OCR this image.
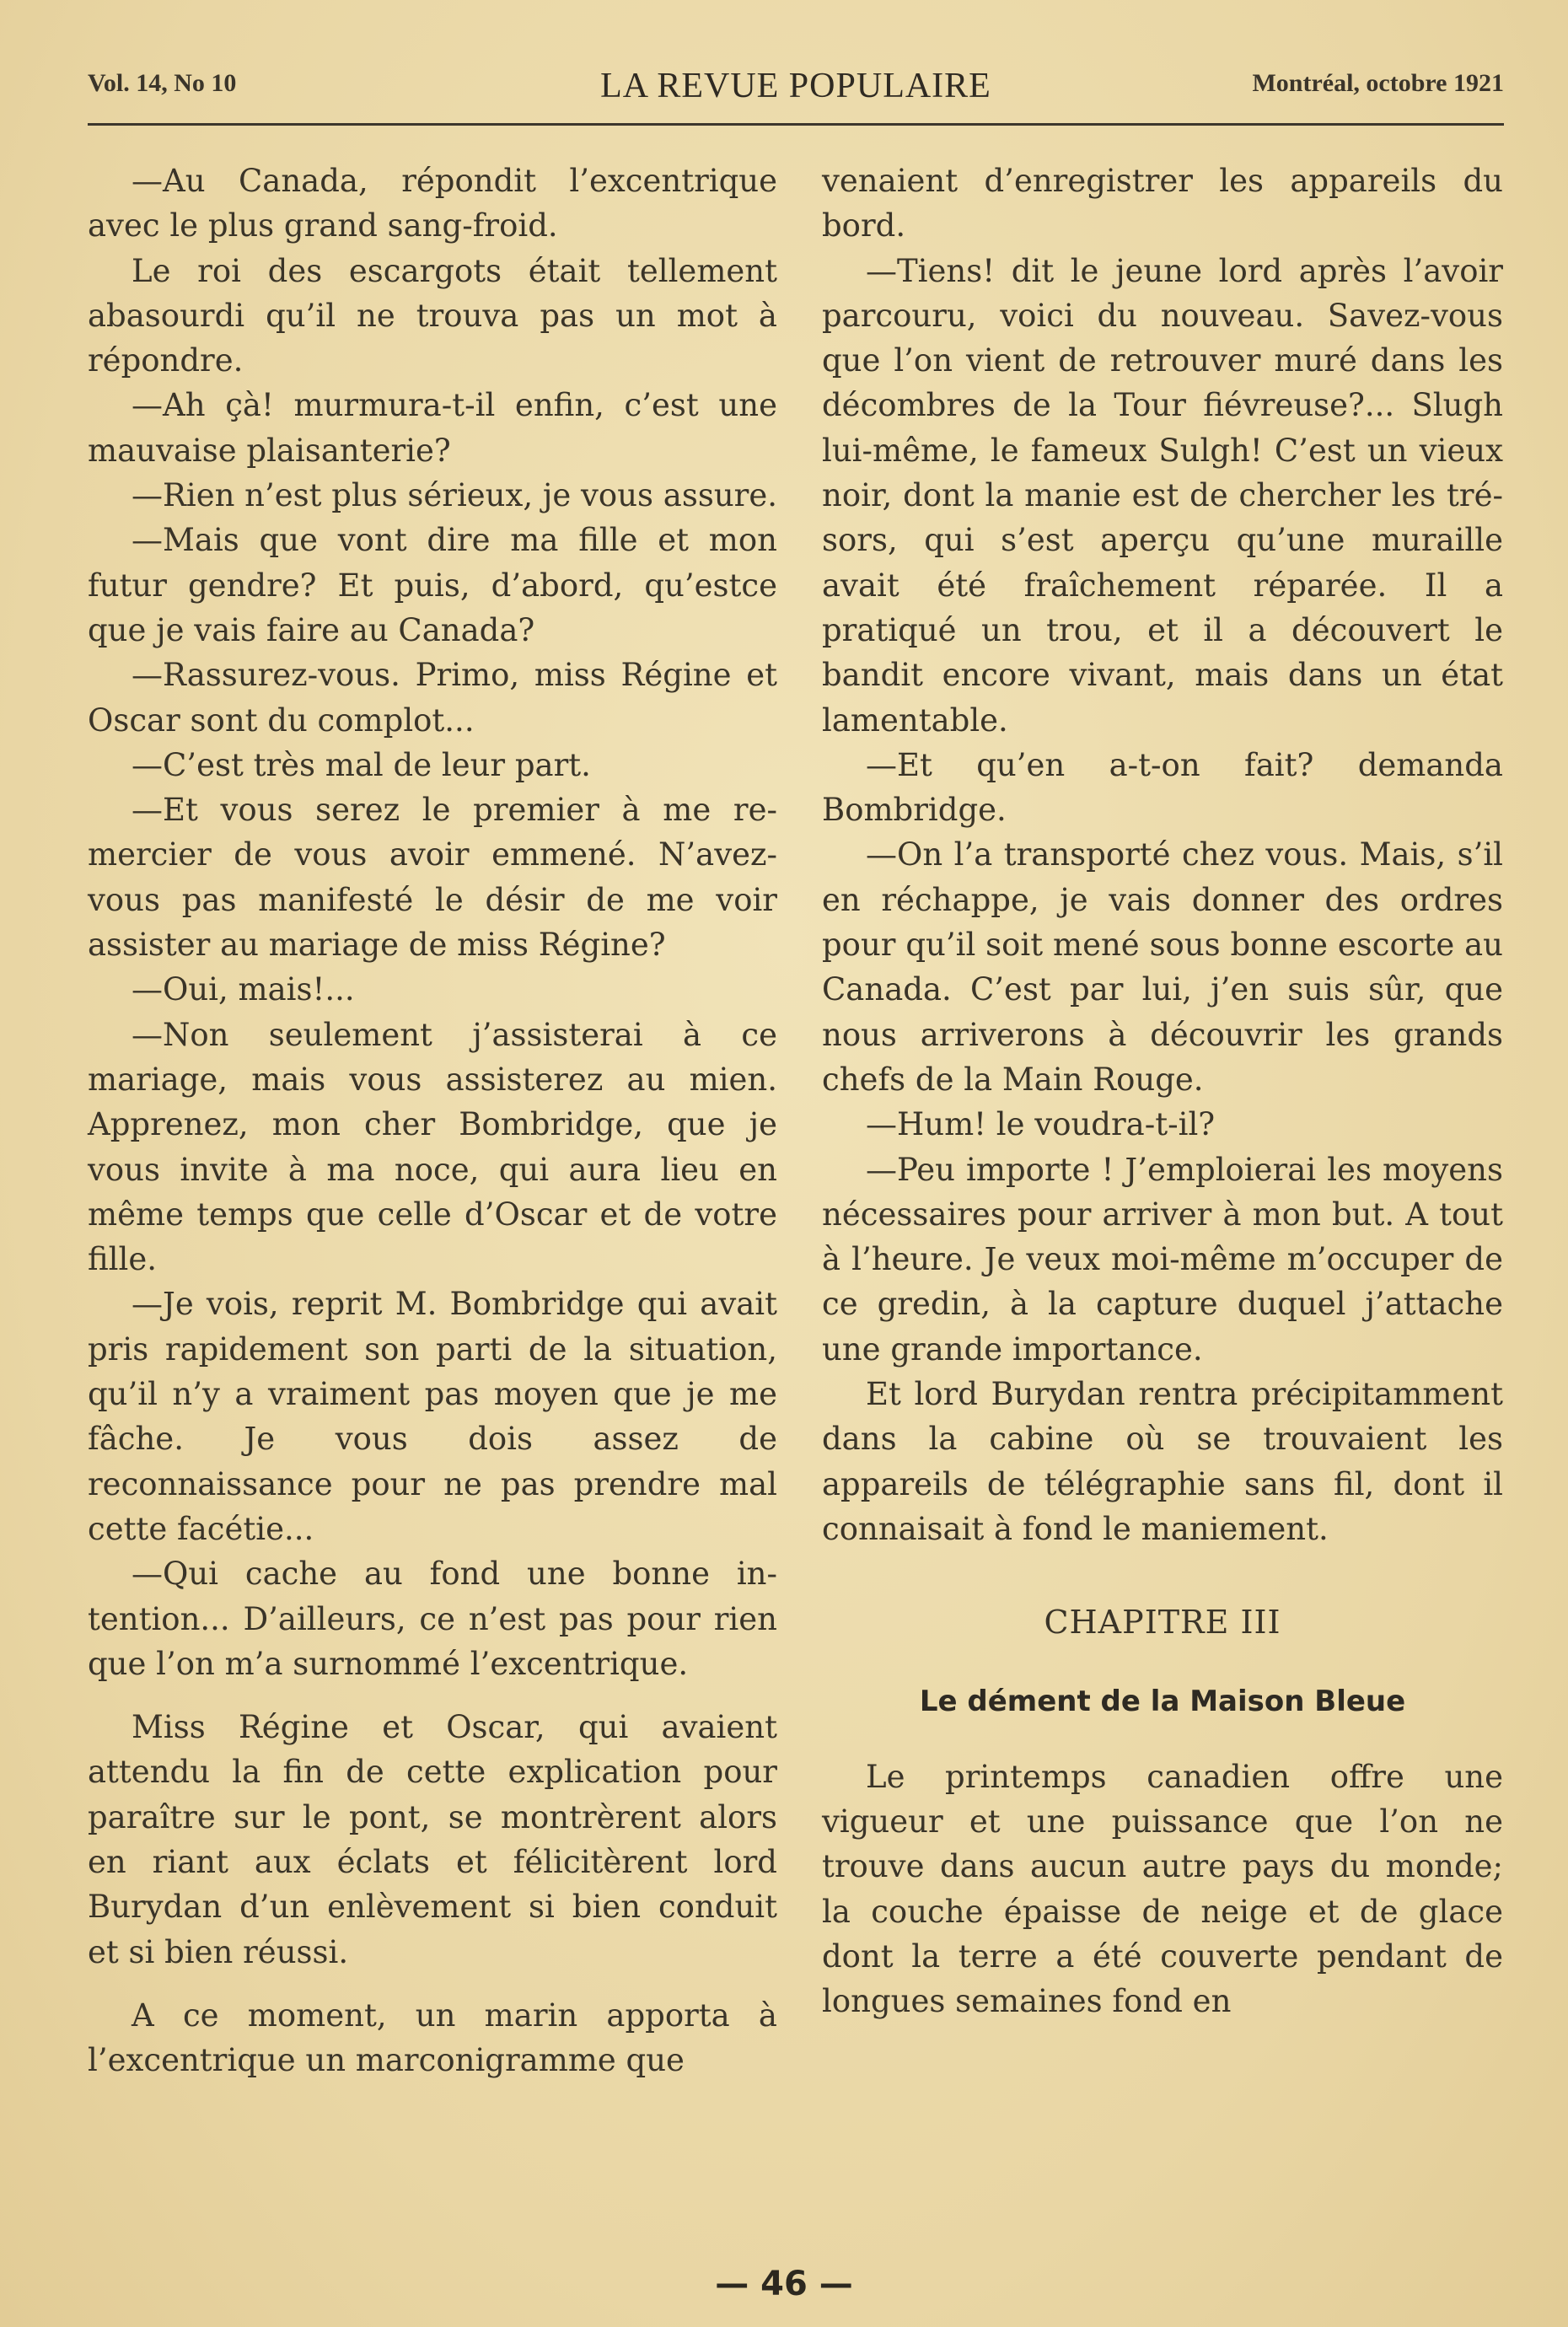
Vol. 14, No 10	LA REVUE POPULAIRE	Montréal, octobre 1921

—Au Canada, répondit l’excentrique avec le plus grand sang-froid.

Le roi des escargots était tellement abasourdi qu’il ne trouva pas un mot à répondre.

—Ah çà! murmura-t-il enfin, c’est une mauvaise plaisanterie?

—Rien n’est plus sérieux, je vous assure.

—Mais que vont dire ma fille et mon futur gendre? Et puis, d’abord, qu’estce que je vais faire au Canada?

—Rassurez-vous. Primo, miss Régine et Oscar sont du complot...

—C’est très mal de leur part.

—Et vous serez le premier à me remercier de vous avoir emmené. N’avez-vous pas manifesté le désir de me voir assister au mariage de miss Régine?

—Oui, mais!...

—Non seulement j’assisterai à ce mariage, mais vous assisterez au mien. Apprenez, mon cher Bombridge, que je vous invite à ma noce, qui aura lieu en même temps que celle d’Oscar et de votre fille.

—Je vois, reprit M. Bombridge qui avait pris rapidement son parti de la situation, qu’il n’y a vraiment pas moyen que je me fâche. Je vous dois assez de reconnaissance pour ne pas prendre mal cette facétie...

—Qui cache au fond une bonne intention... D’ailleurs, ce n’est pas pour rien que l’on m’a surnommé l’excentrique.

Miss Régine et Oscar, qui avaient attendu la fin de cette explication pour paraître sur le pont, se montrèrent alors en riant aux éclats et félicitèrent lord Burydan d’un enlèvement si bien conduit et si bien réussi.

A ce moment, un marin apporta à l’excentrique un marconigramme que

venaient d’enregistrer les appareils du bord.

—Tiens! dit le jeune lord après l’avoir parcouru, voici du nouveau. Savez-vous que l’on vient de retrouver muré dans les décombres de la Tour fiévreuse?... Slugh lui-même, le fameux Sulgh! C’est un vieux noir, dont la manie est de chercher les trésors, qui s’est aperçu qu’une muraille avait été fraîchement réparée. Il a pratiqué un trou, et il a découvert le bandit encore vivant, mais dans un état lamentable.

—Et qu’en a-t-on fait? demanda Bombridge.

—On l’a transporté chez vous. Mais, s’il en réchappe, je vais donner des ordres pour qu’il soit mené sous bonne escorte au Canada. C’est par lui, j’en suis sûr, que nous arriverons à découvrir les grands chefs de la Main Rouge.

—Hum! le voudra-t-il?

—Peu importe ! J’emploierai les moyens nécessaires pour arriver à mon but. A tout à l’heure. Je veux moi-même m’occuper de ce gredin, à la capture duquel j’attache une grande importance.

Et lord Burydan rentra précipitamment dans la cabine où se trouvaient les appareils de télégraphie sans fil, dont il connaisait à fond le maniement.

CHAPITRE III

Le dément de la Maison Bleue

Le printemps canadien offre une vigueur et une puissance que l’on ne trouve dans aucun autre pays du monde; la couche épaisse de neige et de glace dont la terre a été couverte pendant de longues semaines fond en

— 46 —
